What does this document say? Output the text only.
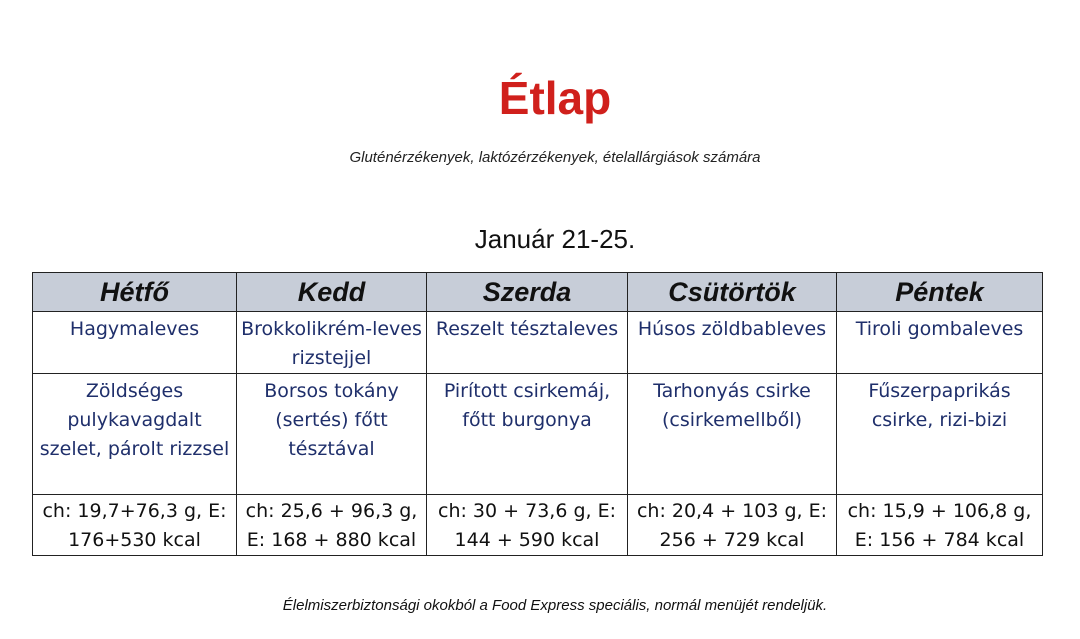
Étlap
Gluténérzékenyek, laktózérzékenyek, ételallárgiások számára
Január 21-25.
Hétfő	Kedd	Szerda	Csütörtök	Péntek
Hagymaleves	Brokkolikrém-leves rizstejjel	Reszelt tésztaleves	Húsos zöldbableves	Tiroli gombaleves
Zöldséges pulykavagdalt szelet, párolt rizzsel	Borsos tokány (sertés) főtt tésztával	Pirított csirkemáj, főtt burgonya	Tarhonyás csirke (csirkemellből)	Fűszerpaprikás csirke, rizi-bizi
ch: 19,7+76,3 g, E: 176+530 kcal	ch: 25,6 + 96,3 g, E: 168 + 880 kcal	ch: 30 + 73,6 g, E: 144 + 590 kcal	ch: 20,4 + 103 g, E: 256 + 729 kcal	ch: 15,9 + 106,8 g, E: 156 + 784 kcal
Élelmiszerbiztonsági okokból a Food Express speciális, normál menüjét rendeljük.
